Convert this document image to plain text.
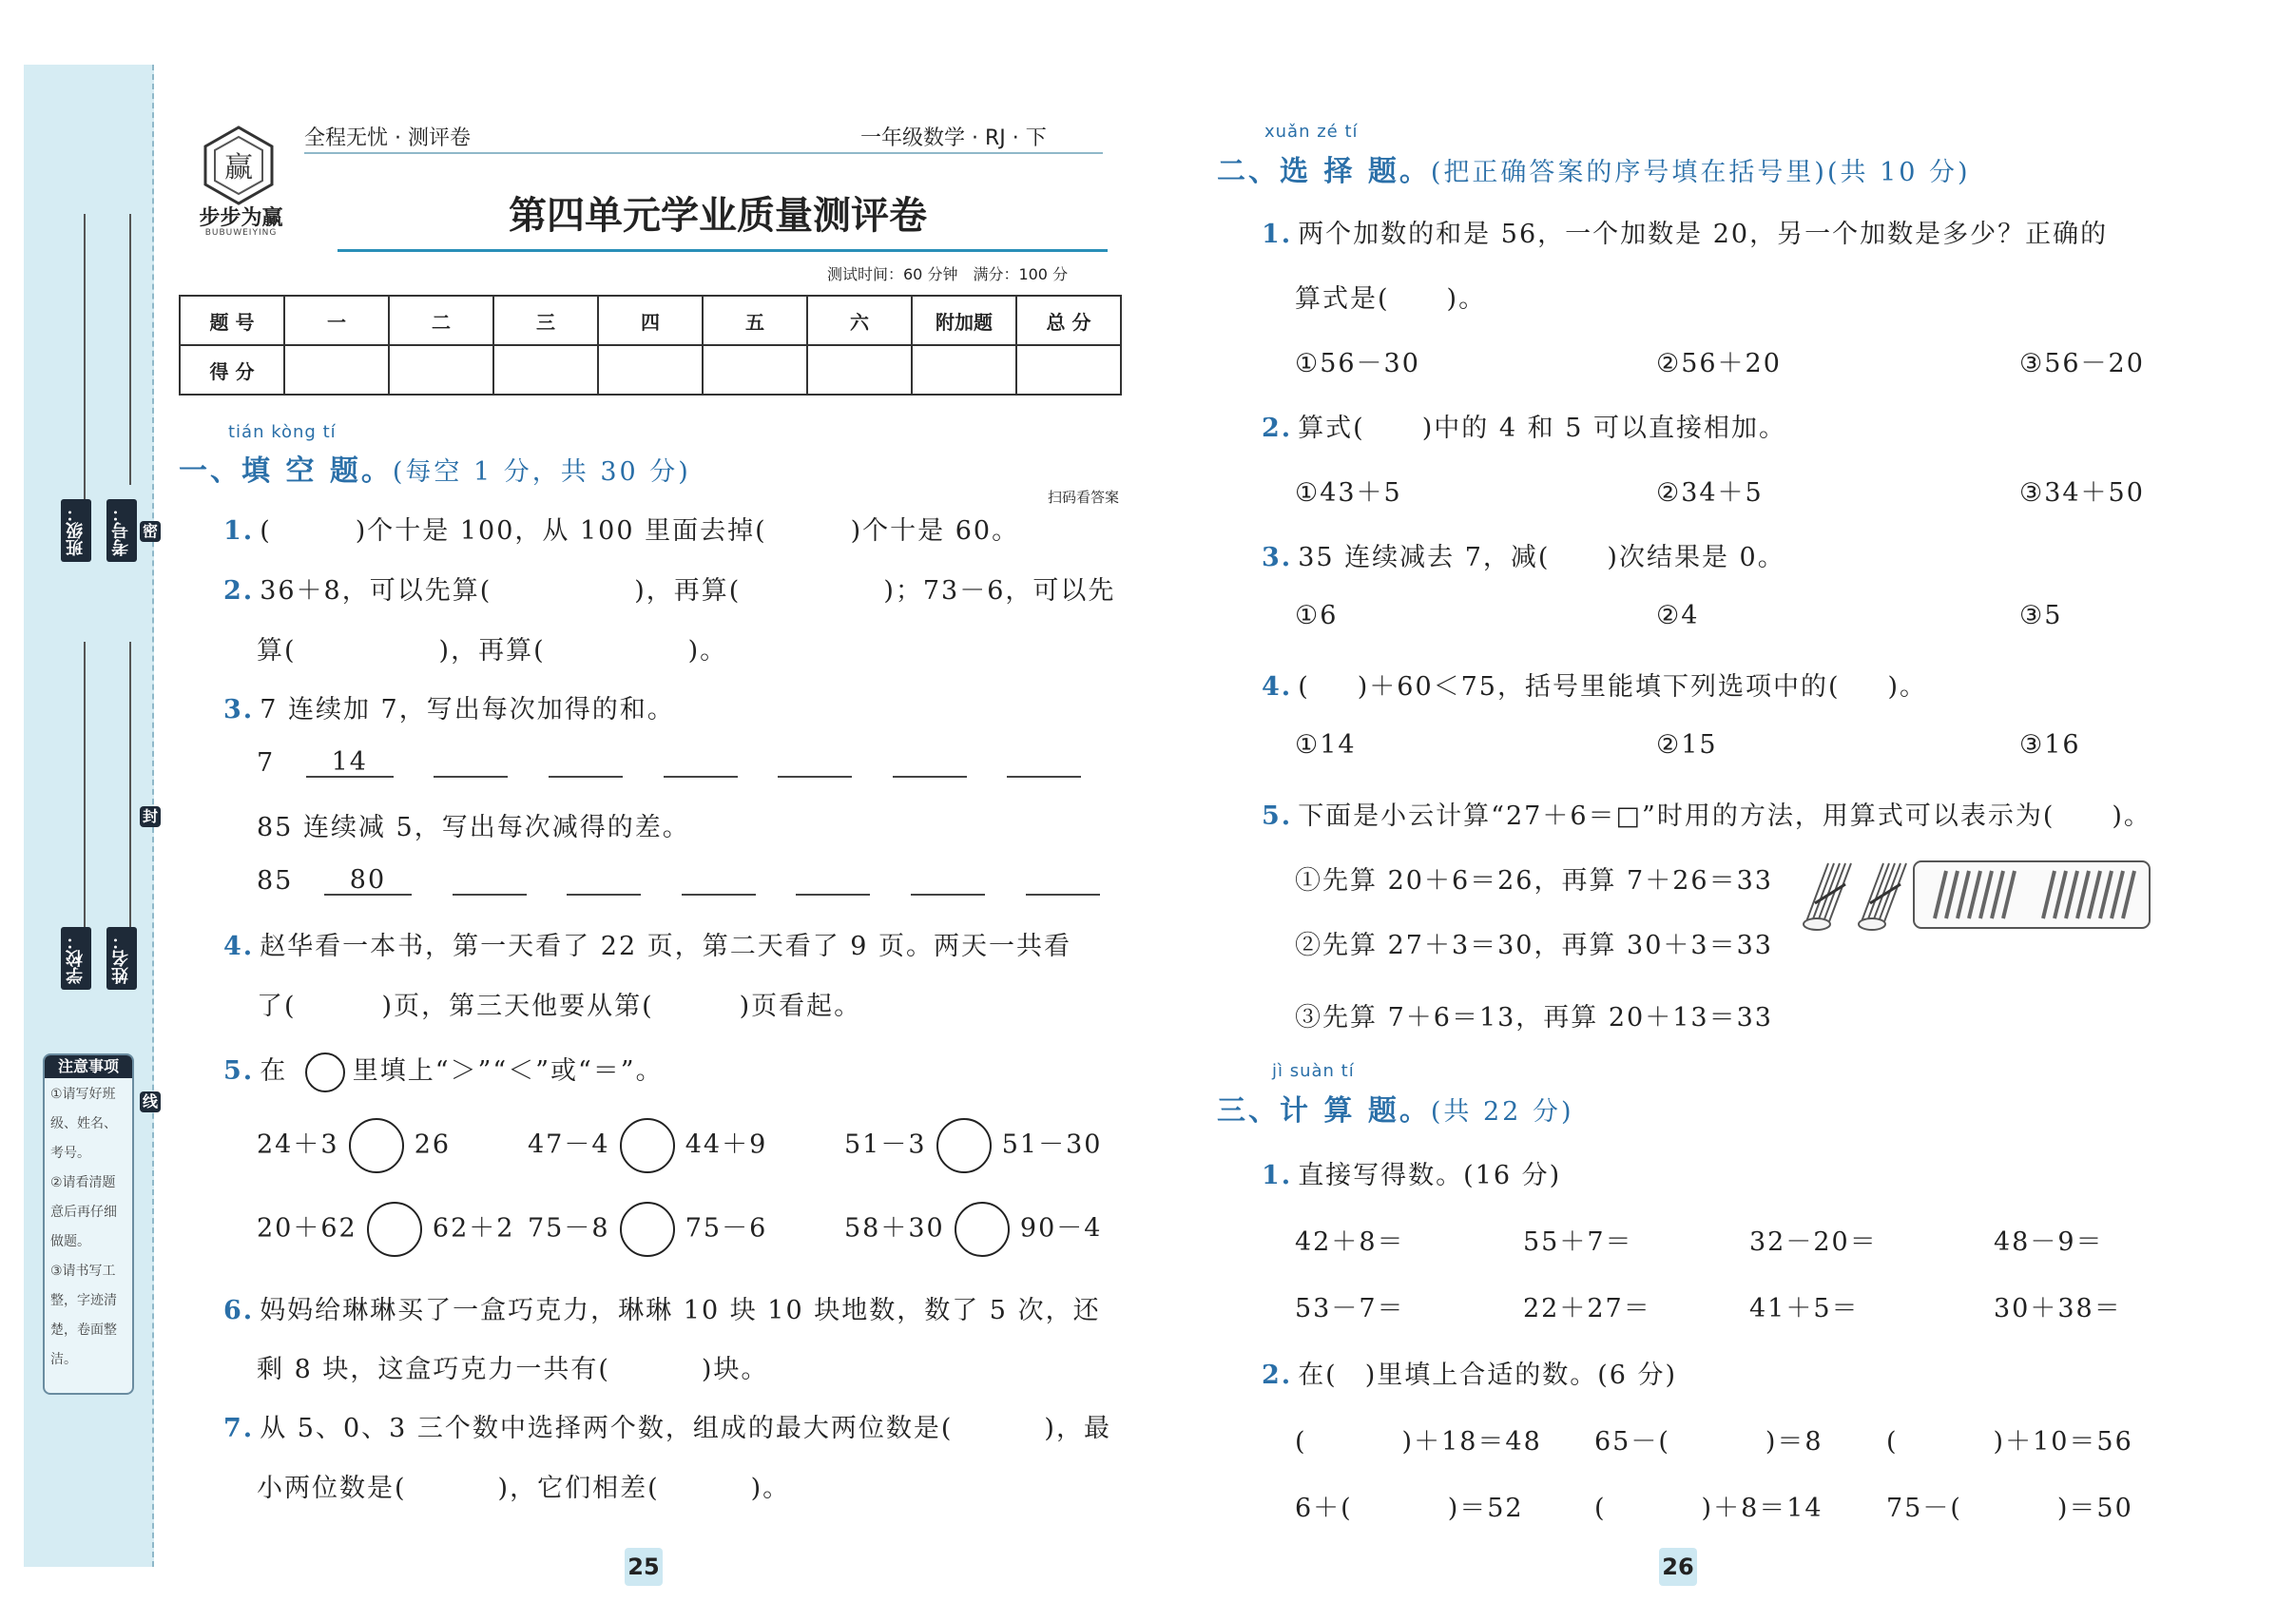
班级：	考号： 密
封
学校：	姓名：
线
注意事项
①请写好班级、姓名、考号。
②请看清题意后再仔细做题。
③请书写工整，字迹清楚，卷面整洁。
赢
步步为赢
BUBUWEIYING
全程无忧 · 测评卷	一年级数学 · RJ · 下
第四单元学业质量测评卷
测试时间：60 分钟　满分：100 分
题 号	一	二	三	四	五	六	附加题	总 分
得 分								
tián kòng tí
一、填 空 题。(每空 1 分，共 30 分)
扫码看答案
1. (	)个十是 100，从 100 里面去掉(	)个十是 60。
2. 36＋8，可以先算(	)，再算(	)；73－6，可以先
算(	)，再算(	)。
3. 7 连续加 7，写出每次加得的和。
7 14
85 连续减 5，写出每次减得的差。
85 80
4. 赵华看一本书，第一天看了 22 页，第二天看了 9 页。两天一共看
了(	)页，第三天他要从第(	)页看起。
5. 在	里填上“＞”“＜”或“＝”。
24＋3	26	47－4	44＋9	51－3	51－30
20＋62	62＋2 75－8	75－6	58＋30	90－4
6. 妈妈给琳琳买了一盒巧克力，琳琳 10 块 10 块地数，数了 5 次，还
剩 8 块，这盒巧克力一共有(	)块。
7. 从 5、0、3 三个数中选择两个数，组成的最大两位数是(	)，最
小两位数是(	)，它们相差(	)。
25
xuǎn zé tí
二、选 择 题。(把正确答案的序号填在括号里)(共 10 分)
1. 两个加数的和是 56，一个加数是 20，另一个加数是多少？正确的
算式是( )。
①56－30	②56＋20	③56－20
2. 算式( )中的 4 和 5 可以直接相加。
①43＋5	②34＋5	③34＋50
3. 35 连续减去 7，减( )次结果是 0。
①6	②4	③5
4. ( )＋60＜75，括号里能填下列选项中的( )。
①14	②15	③16
5. 下面是小云计算“27＋6＝□”时用的方法，用算式可以表示为( )。
①先算 20＋6＝26，再算 7＋26＝33
②先算 27＋3＝30，再算 30＋3＝33
③先算 7＋6＝13，再算 20＋13＝33
jì suàn tí
三、计 算 题。(共 22 分)
1. 直接写得数。(16 分)
42＋8＝	55＋7＝	32－20＝	48－9＝
53－7＝	22＋27＝	41＋5＝	30＋38＝
2. 在(　)里填上合适的数。(6 分)
(	)＋18＝48 65－(	)＝8 (	)＋10＝56
6＋(	)＝52	(	)＋8＝14 75－(	)＝50
26
